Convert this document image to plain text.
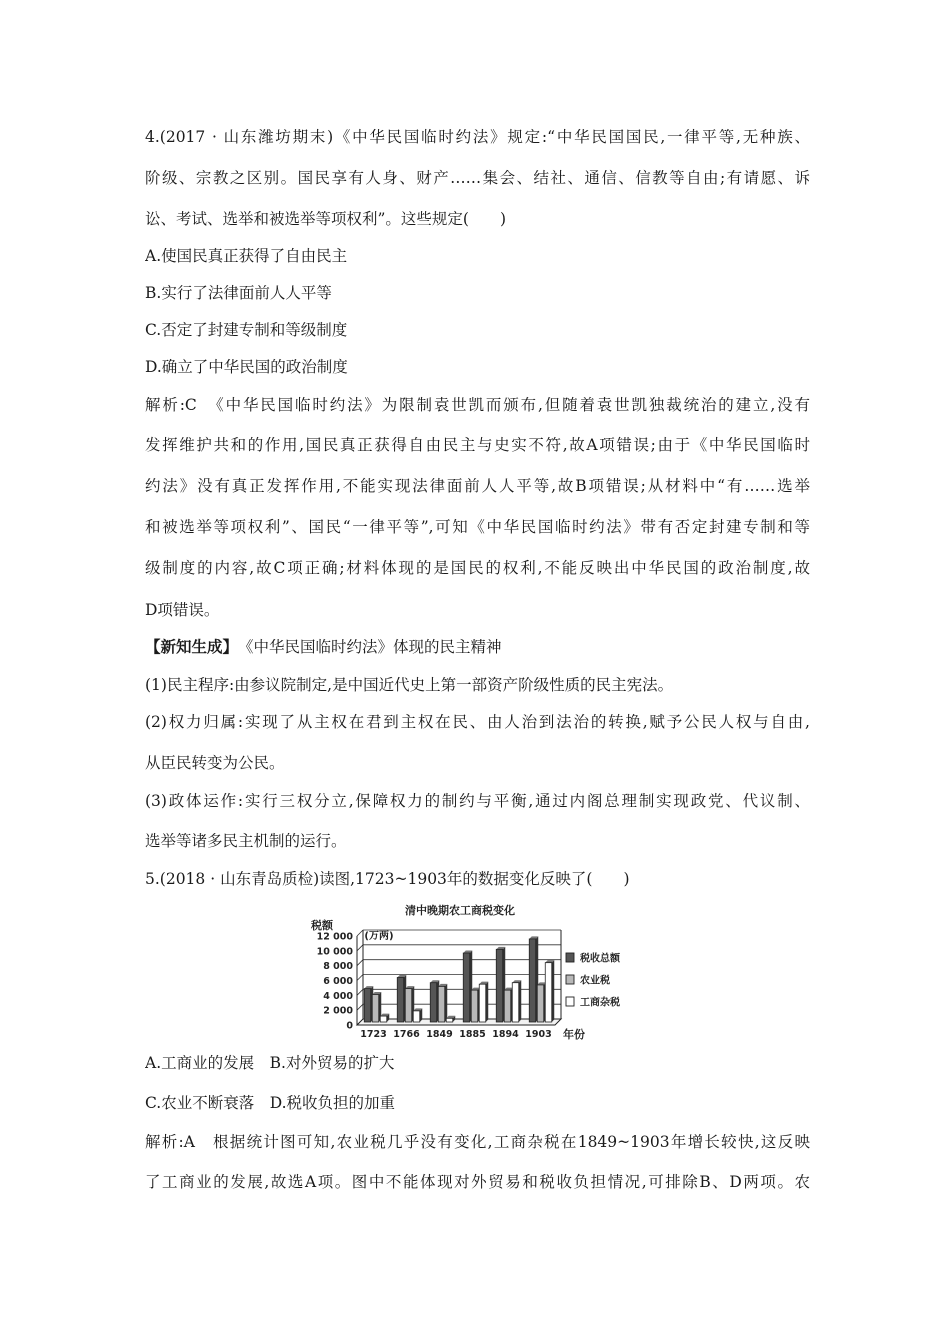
4.(2017 · 山东潍坊期末)《中华民国临时约法》规定:“中华民国国民,一律平等,无种族、
阶级、宗教之区别。国民享有人身、财产……集会、结社、通信、信教等自由;有请愿、诉
讼、考试、选举和被选举等项权利”。这些规定(　　)
A.使国民真正获得了自由民主
B.实行了法律面前人人平等
C.否定了封建专制和等级制度
D.确立了中华民国的政治制度
解析:C　《中华民国临时约法》为限制袁世凯而颁布,但随着袁世凯独裁统治的建立,没有
发挥维护共和的作用,国民真正获得自由民主与史实不符,故A项错误;由于《中华民国临时
约法》没有真正发挥作用,不能实现法律面前人人平等,故B项错误;从材料中“有……选举
和被选举等项权利”、国民“一律平等”,可知《中华民国临时约法》带有否定封建专制和等
级制度的内容,故C项正确;材料体现的是国民的权利,不能反映出中华民国的政治制度,故
D项错误。
【新知生成】　 《中华民国临时约法》体现的民主精神
(1)民主程序:由参议院制定,是中国近代史上第一部资产阶级性质的民主宪法。
(2)权力归属:实现了从主权在君到主权在民、由人治到法治的转换,赋予公民人权与自由,
从臣民转变为公民。
(3)政体运作:实行三权分立,保障权力的制约与平衡,通过内阁总理制实现政党、代议制、
选举等诸多民主机制的运行。
5.(2018 · 山东青岛质检)读图,1723~1903年的数据变化反映了(　　)
清中晚期农工商税变化
税额
(万两)
0
2 000
4 000
6 000
8 000
10 000
12 000
1723 1766 1849 1885 1894 1903 年份
税收总额
农业税
工商杂税
A.工商业的发展　B.对外贸易的扩大
C.农业不断衰落　D.税收负担的加重
解析:A　根据统计图可知,农业税几乎没有变化,工商杂税在1849~1903年增长较快,这反映
了工商业的发展,故选A项。图中不能体现对外贸易和税收负担情况,可排除B、D两项。农
